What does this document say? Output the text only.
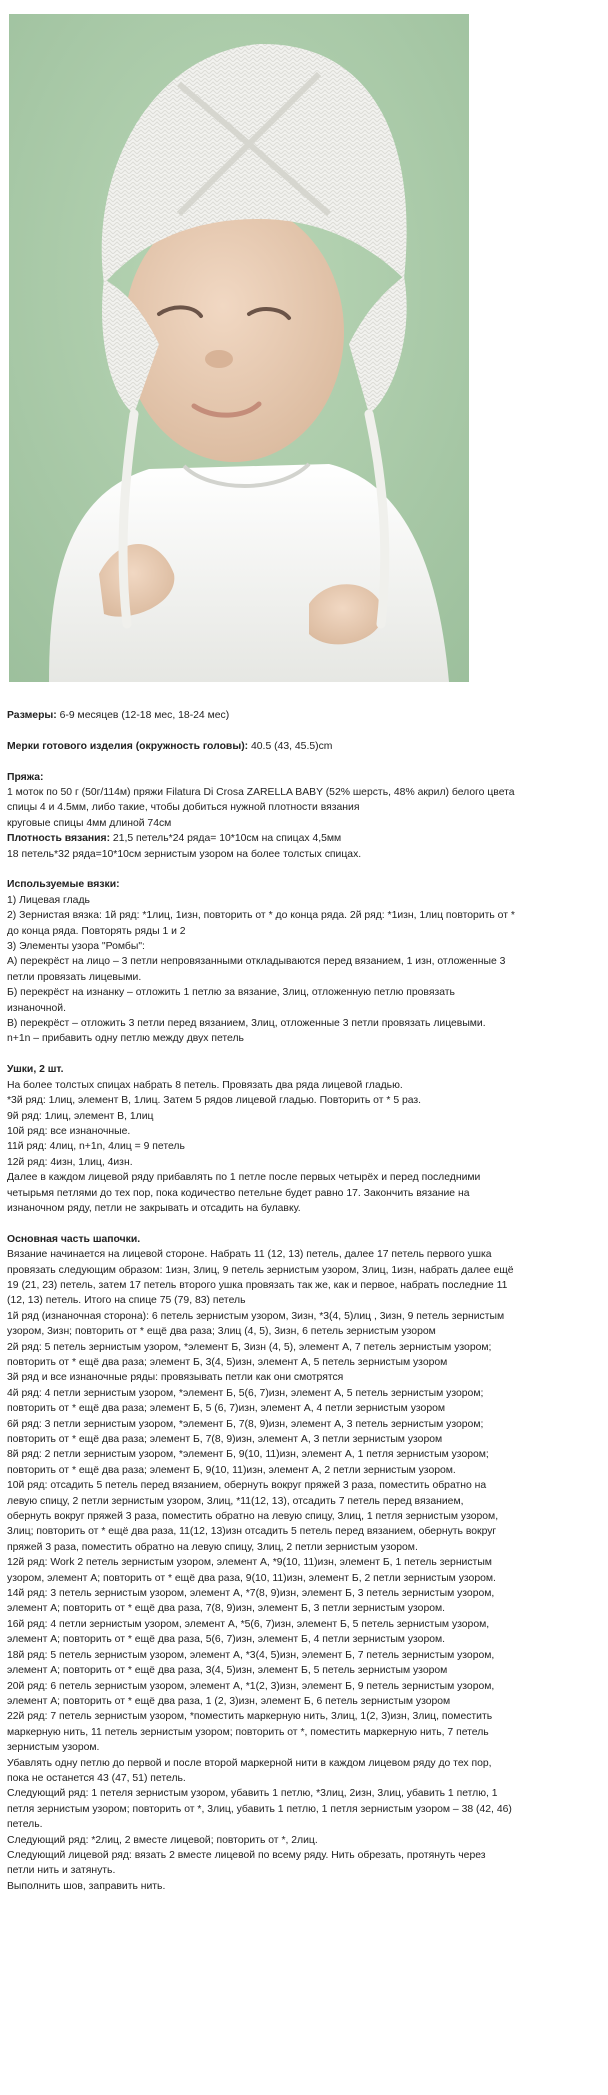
Размеры: 6-9 месяцев (12-18 мес, 18-24 мес)
Мерки готового изделия (окружность головы): 40.5 (43, 45.5)cm
Пряжа:
1 моток по 50 г (50г/114м) пряжи Filatura Di Crosa ZARELLA BABY (52% шерсть, 48% акрил) белого цвета
спицы 4 и 4.5мм, либо такие, чтобы добиться нужной плотности вязания
круговые спицы 4мм длиной 74см
Плотность вязания: 21,5 петель*24 ряда= 10*10см на спицах 4,5мм
18 петель*32 ряда=10*10см зернистым узором на более толстых спицах.
Используемые вязки:
1) Лицевая гладь
2) Зернистая вязка: 1й ряд: *1лиц, 1изн, повторить от * до конца ряда. 2й ряд: *1изн, 1лиц повторить от *
до конца ряда. Повторять ряды 1 и 2
3) Элементы узора "Ромбы":
А) перекрёст на лицо – 3 петли непровязанными откладываются перед вязанием, 1 изн, отложенные 3
петли провязать лицевыми.
Б) перекрёст на изнанку – отложить 1 петлю за вязание, 3лиц, отложенную петлю провязать
изнаночной.
В) перекрёст – отложить 3 петли перед вязанием, 3лиц, отложенные 3 петли провязать лицевыми.
n+1n – прибавить одну петлю между двух петель
Ушки, 2 шт.
На более толстых спицах набрать 8 петель. Провязать два ряда лицевой гладью.
*3й ряд: 1лиц, элемент В, 1лиц. Затем 5 рядов лицевой гладью. Повторить от * 5 раз.
9й ряд: 1лиц, элемент В, 1лиц
10й ряд: все изнаночные.
11й ряд: 4лиц, n+1n, 4лиц = 9 петель
12й ряд: 4изн, 1лиц, 4изн.
Далее в каждом лицевой ряду прибавлять по 1 петле после первых четырёх и перед последними
четырьмя петлями до тех пор, пока кодичество петельне будет равно 17. Закончить вязание на
изнаночном ряду, петли не закрывать и отсадить на булавку.
Основная часть шапочки.
Вязание начинается на лицевой стороне. Набрать 11 (12, 13) петель, далее 17 петель первого ушка
провязать следующим образом: 1изн, 3лиц, 9 петель зернистым узором, 3лиц, 1изн, набрать далее ещё
19 (21, 23) петель, затем 17 петель второго ушка провязать так же, как и первое, набрать последние 11
(12, 13) петель. Итого на спице 75 (79, 83) петель
1й ряд (изнаночная сторона): 6 петель зернистым узором, 3изн, *3(4, 5)лиц , 3изн, 9 петель зернистым
узором, 3изн; повторить от * ещё два раза; 3лиц (4, 5), 3изн, 6 петель зернистым узором
2й ряд: 5 петель зернистым узором, *элемент Б, 3изн (4, 5), элемент А, 7 петель зернистым узором;
повторить от * ещё два раза; элемент Б, 3(4, 5)изн, элемент А, 5 петель зернистым узором
3й ряд и все изнаночные ряды: провязывать петли как они смотрятся
4й ряд: 4 петли зернистым узором, *элемент Б, 5(6, 7)изн, элемент А, 5 петель зернистым узором;
повторить от * ещё два раза; элемент Б, 5 (6, 7)изн, элемент А, 4 петли зернистым узором
6й ряд: 3 петли зернистым узором, *элемент Б, 7(8, 9)изн, элемент А, 3 петель зернистым узором;
повторить от * ещё два раза; элемент Б, 7(8, 9)изн, элемент А, 3 петли зернистым узором
8й ряд: 2 петли зернистым узором, *элемент Б, 9(10, 11)изн, элемент А, 1 петля зернистым узором;
повторить от * ещё два раза; элемент Б, 9(10, 11)изн, элемент А, 2 петли зернистым узором.
10й ряд: отсадить 5 петель перед вязанием, обернуть вокруг пряжей 3 раза, поместить обратно на
левую спицу, 2 петли зернистым узором, 3лиц, *11(12, 13), отсадить 7 петель перед вязанием,
обернуть вокруг пряжей 3 раза, поместить обратно на левую спицу, 3лиц, 1 петля зернистым узором,
3лиц; повторить от * ещё два раза, 11(12, 13)изн отсадить 5 петель перед вязанием, обернуть вокруг
пряжей 3 раза, поместить обратно на левую спицу, 3лиц, 2 петли зернистым узором.
12й ряд: Work 2 петель зернистым узором, элемент А, *9(10, 11)изн, элемент Б, 1 петель зернистым
узором, элемент А; повторить от * ещё два раза, 9(10, 11)изн, элемент Б, 2 петли зернистым узором.
14й ряд: 3 петель зернистым узором, элемент А, *7(8, 9)изн, элемент Б, 3 петель зернистым узором,
элемент А; повторить от * ещё два раза, 7(8, 9)изн, элемент Б, 3 петли зернистым узором.
16й ряд: 4 петли зернистым узором, элемент А, *5(6, 7)изн, элемент Б, 5 петель зернистым узором,
элемент А; повторить от * ещё два раза, 5(6, 7)изн, элемент Б, 4 петли зернистым узором.
18й ряд: 5 петель зернистым узором, элемент А, *3(4, 5)изн, элемент Б, 7 петель зернистым узором,
элемент А; повторить от * ещё два раза, 3(4, 5)изн, элемент Б, 5 петель зернистым узором
20й ряд: 6 петель зернистым узором, элемент А, *1(2, 3)изн, элемент Б, 9 петель зернистым узором,
элемент А; повторить от * ещё два раза, 1 (2, 3)изн, элемент Б, 6 петель зернистым узором
22й ряд: 7 петель зернистым узором, *поместить маркерную нить, 3лиц, 1(2, 3)изн, 3лиц, поместить
маркерную нить, 11 петель зернистым узором; повторить от *, поместить маркерную нить, 7 петель
зернистым узором.
Убавлять одну петлю до первой и после второй маркерной нити в каждом лицевом ряду до тех пор,
пока не останется 43 (47, 51) петель.
Следующий ряд: 1 петеля зернистым узором, убавить 1 петлю, *3лиц, 2изн, 3лиц, убавить 1 петлю, 1
петля зернистым узором; повторить от *, 3лиц, убавить 1 петлю, 1 петля зернистым узором – 38 (42, 46)
петель.
Следующий ряд: *2лиц, 2 вместе лицевой; повторить от *, 2лиц.
Следующий лицевой ряд: вязать 2 вместе лицевой по всему ряду. Нить обрезать, протянуть через
петли нить и затянуть.
Выполнить шов, заправить нить.
